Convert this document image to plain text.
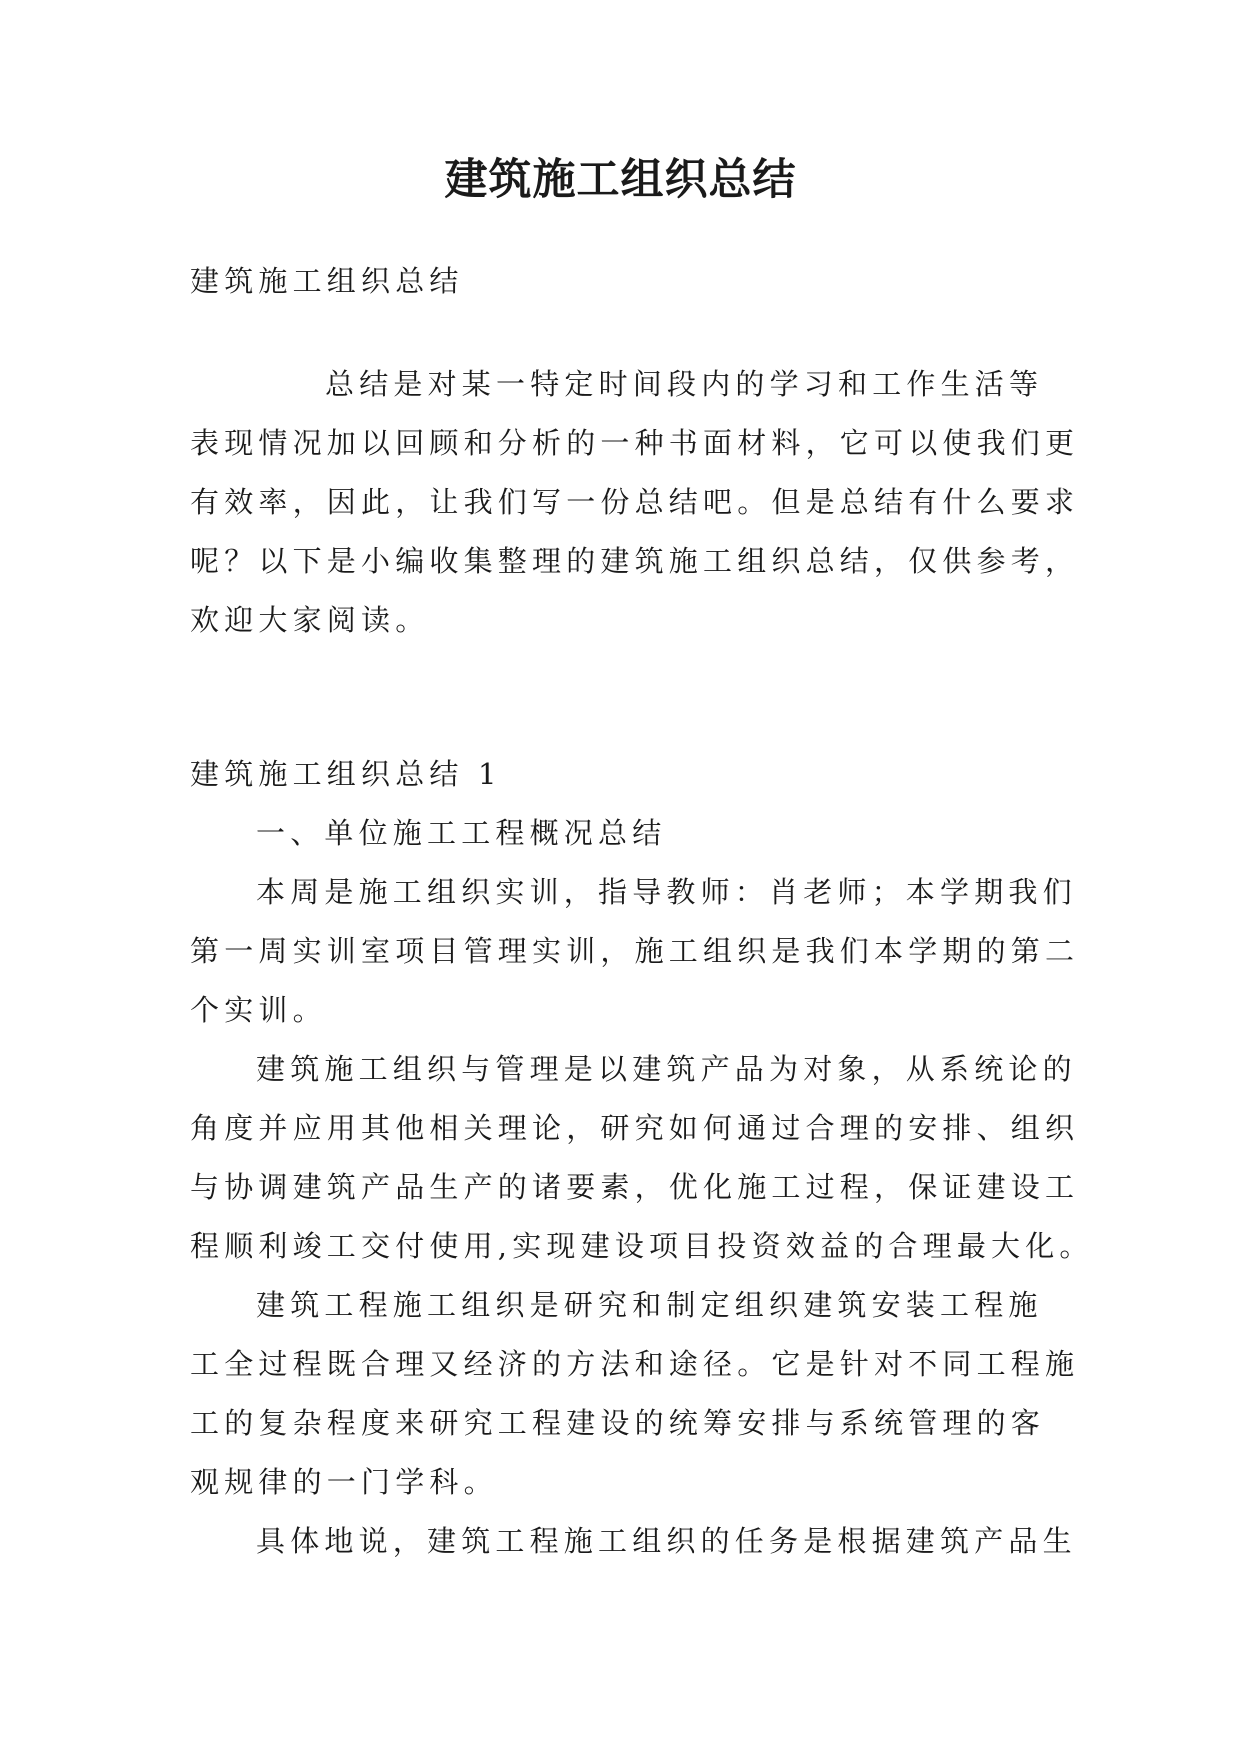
建筑施工组织总结

建筑施工组织总结

总结是对某一特定时间段内的学习和工作生活等
表现情况加以回顾和分析的一种书面材料，它可以使我们更
有效率，因此，让我们写一份总结吧。但是总结有什么要求
呢？以下是小编收集整理的建筑施工组织总结，仅供参考，
欢迎大家阅读。

建筑施工组织总结 1

一、单位施工工程概况总结

本周是施工组织实训，指导教师：肖老师；本学期我们
第一周实训室项目管理实训，施工组织是我们本学期的第二
个实训。

建筑施工组织与管理是以建筑产品为对象，从系统论的
角度并应用其他相关理论，研究如何通过合理的安排、组织
与协调建筑产品生产的诸要素，优化施工过程，保证建设工
程顺利竣工交付使用,实现建设项目投资效益的合理最大化。

建筑工程施工组织是研究和制定组织建筑安装工程施
工全过程既合理又经济的方法和途径。它是针对不同工程施
工的复杂程度来研究工程建设的统筹安排与系统管理的客
观规律的一门学科。

具体地说，建筑工程施工组织的任务是根据建筑产品生
